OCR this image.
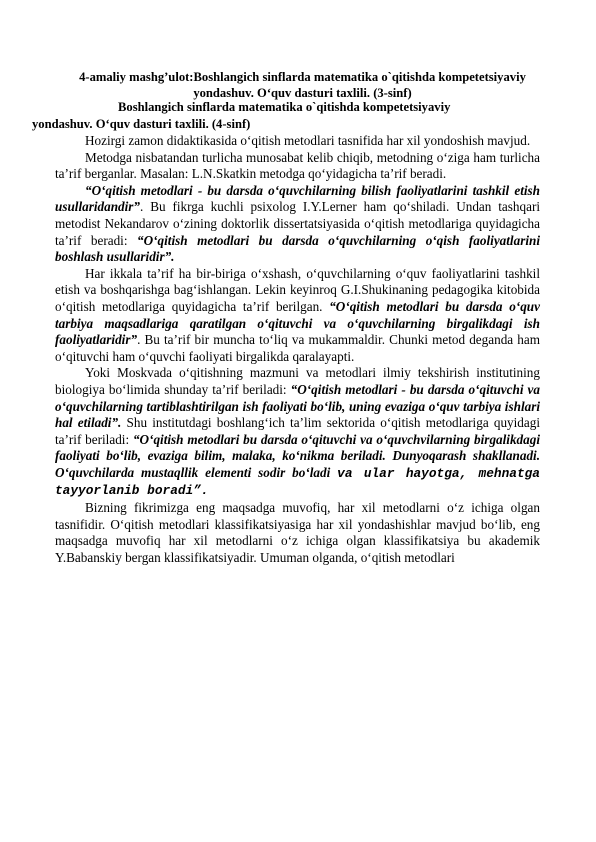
4-amaliy mashg’ulot:Boshlangich sinflarda matematika o`qitishda kompetetsiyaviy yondashuv. O‘quv dasturi taxlili. (3-sinf)
Boshlangich sinflarda matematika o`qitishda kompetetsiyaviy
yondashuv. O‘quv dasturi taxlili. (4-sinf)

Hozirgi zamon didaktikasida o‘qitish metodlari tasnifida har xil yondoshish mavjud.

Metodga nisbatandan turlicha munosabat kelib chiqib, metodning o‘ziga ham turlicha ta’rif berganlar. Masalan: L.N.Skatkin metodga qo‘yidagicha ta’rif beradi.

“O‘qitish metodlari - bu darsda o‘quvchilarning bilish faoliyatlarini tashkil etish usullaridandir”. Bu fikrga kuchli psixolog I.Y.Lerner ham qo‘shiladi. Undan tashqari metodist Nekandarov o‘zining doktorlik dissertatsiyasida o‘qitish metodlariga quyidagicha ta’rif beradi: “O‘qitish metodlari bu darsda o‘quvchilarning o‘qish faoliyatlarini boshlash usullaridir”.

Har ikkala ta’rif ha bir-biriga o‘xshash, o‘quvchilarning o‘quv faoliyatlarini tashkil etish va boshqarishga bag‘ishlangan. Lekin keyinroq G.I.Shukinaning pedagogika kitobida o‘qitish metodlariga quyidagicha ta’rif berilgan. “O‘qitish metodlari bu darsda o‘quv tarbiya maqsadlariga qaratilgan o‘qituvchi va o‘quvchilarning birgalikdagi ish faoliyatlaridir”. Bu ta’rif bir muncha to‘liq va mukammaldir. Chunki metod deganda ham o‘qituvchi ham o‘quvchi faoliyati birgalikda qaralayapti.

Yoki Moskvada o‘qitishning mazmuni va metodlari ilmiy tekshirish institutining biologiya bo‘limida shunday ta’rif beriladi: “O‘qitish metodlari - bu darsda o‘qituvchi va o‘quvchilarning tartiblashtirilgan ish faoliyati bo‘lib, uning evaziga o‘quv tarbiya ishlari hal etiladi”. Shu institutdagi boshlang‘ich ta’lim sektorida o‘qitish metodlariga quyidagi ta’rif beriladi: “O‘qitish metodlari bu darsda o‘qituvchi va o‘quvchvilarning birgalikdagi faoliyati bo‘lib, evaziga bilim, malaka, ko‘nikma beriladi. Dunyoqarash shakllanadi. O‘quvchilarda mustaqllik elementi sodir bo‘ladi va ular hayotga, mehnatga tayyorlanib boradi”.

Bizning fikrimizga eng maqsadga muvofiq, har xil metodlarni o‘z ichiga olgan tasnifidir. O‘qitish metodlari klassifikatsiyasiga har xil yondashishlar mavjud bo‘lib, eng maqsadga muvofiq har xil metodlarni o‘z ichiga olgan klassifikatsiya bu akademik Y.Babanskiy bergan klassifikatsiyadir. Umuman olganda, o‘qitish metodlari
